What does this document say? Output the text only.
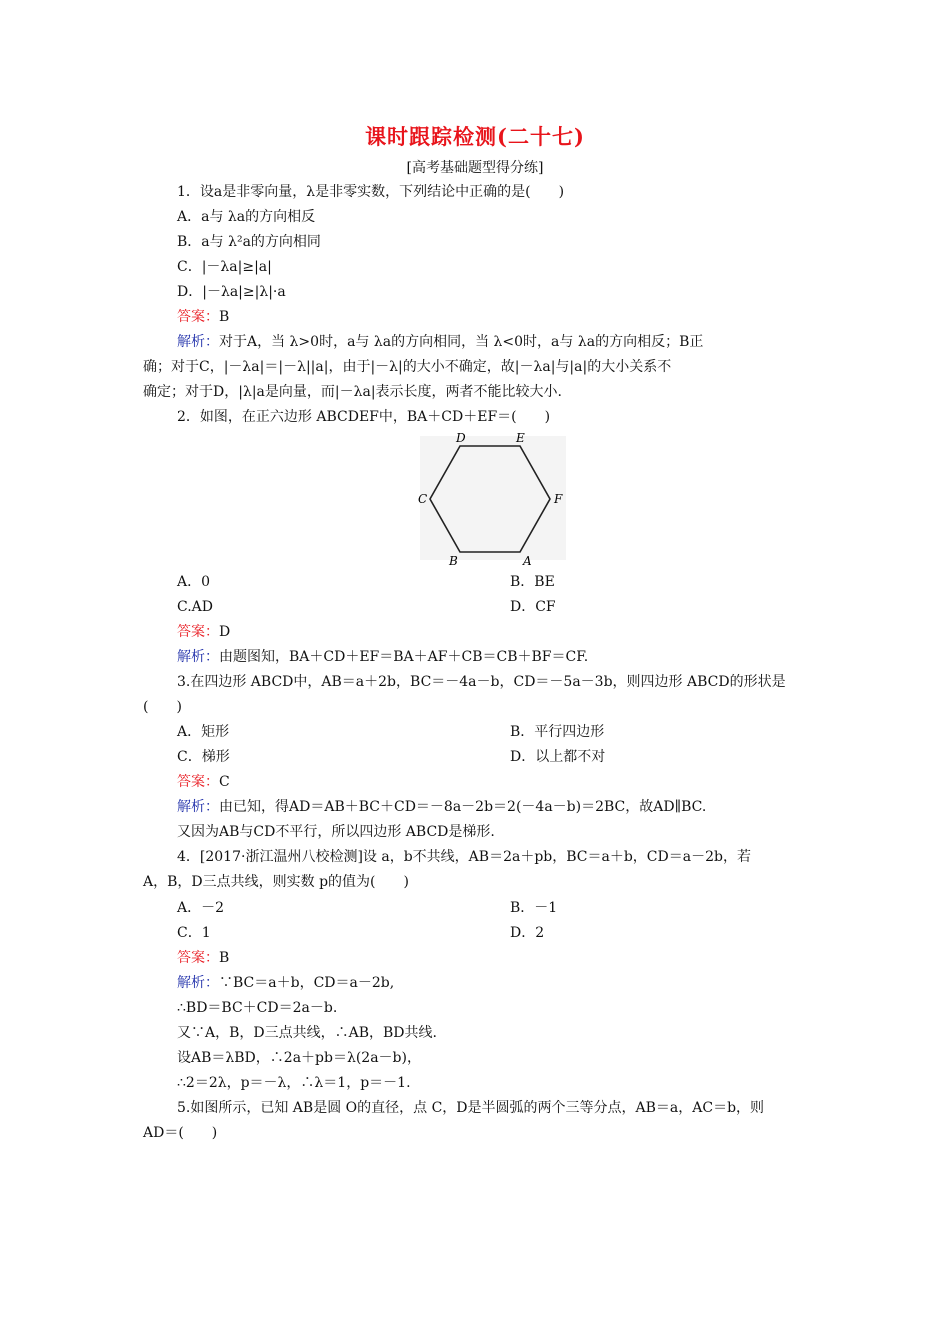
课时跟踪检测(二十七)
[高考基础题型得分练]
1．设a是非零向量，λ是非零实数，下列结论中正确的是(　　)
A．a与 λa的方向相反
B．a与 λ²a的方向相同
C．|－λa|≥|a|
D．|－λa|≥|λ|·a
答案：B
解析：对于A，当 λ>0时，a与 λa的方向相同，当 λ<0时，a与 λa的方向相反；B正
确；对于C，|－λa|＝|－λ||a|，由于|－λ|的大小不确定，故|－λa|与|a|的大小关系不
确定；对于D，|λ|a是向量，而|－λa|表示长度，两者不能比较大小.
2．如图，在正六边形 ABCDEF中，BA＋CD＋EF＝(　　)
D	E
F
A
B
C
A．0	B．BE
C.AD	D．CF
答案：D
解析：由题图知，BA＋CD＋EF＝BA＋AF＋CB＝CB＋BF＝CF.
3.在四边形 ABCD中，AB＝a＋2b，BC＝－4a－b，CD＝－5a－3b，则四边形 ABCD的形状是
(　　)
A．矩形	B．平行四边形
C．梯形	D．以上都不对
答案：C
解析：由已知，得AD＝AB＋BC＋CD＝－8a－2b＝2(－4a－b)＝2BC，故AD∥BC.
又因为AB与CD不平行，所以四边形 ABCD是梯形.
4．[2017·浙江温州八校检测]设 a，b不共线，AB＝2a＋pb，BC＝a＋b，CD＝a－2b，若
A，B，D三点共线，则实数 p的值为(　　)
A．－2	B．－1
C．1	D．2
答案：B
解析：∵BC＝a＋b，CD＝a－2b,
∴BD＝BC＋CD＝2a－b.
又∵A，B，D三点共线，∴AB，BD共线.
设AB＝λBD，∴2a＋pb＝λ(2a－b)，
∴2＝2λ，p＝－λ，∴λ＝1，p＝－1.
5.如图所示，已知 AB是圆 O的直径，点 C，D是半圆弧的两个三等分点，AB＝a，AC＝b，则
AD＝(　　)
